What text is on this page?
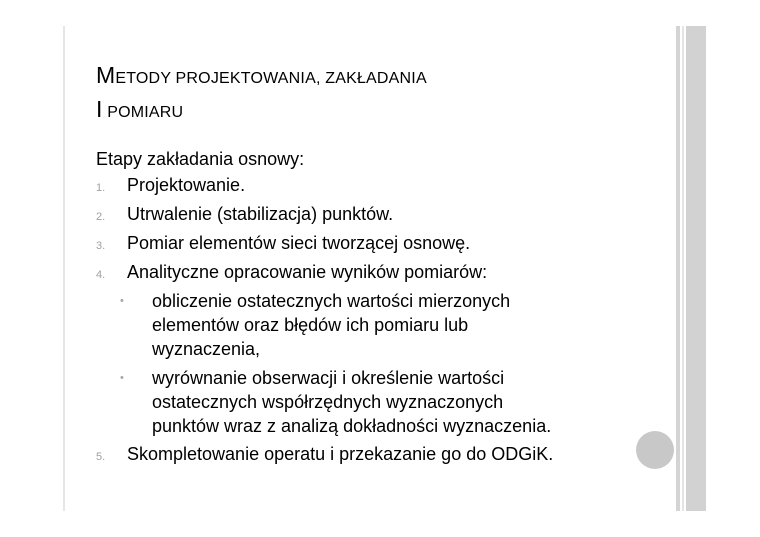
METODY PROJEKTOWANIA, ZAKŁADANIA
I POMIARU
Etapy zakładania osnowy:
1. Projektowanie.
2. Utrwalenie (stabilizacja) punktów.
3. Pomiar elementów sieci tworzącej osnowę.
4. Analityczne opracowanie wyników pomiarów:
5. Skompletowanie operatu i przekazanie go do ODGiK.
• obliczenie ostatecznych wartości mierzonych
elementów oraz błędów ich pomiaru lub
wyznaczenia,
• wyrównanie obserwacji i określenie wartości
ostatecznych współrzędnych wyznaczonych
punktów wraz z analizą dokładności wyznaczenia.
